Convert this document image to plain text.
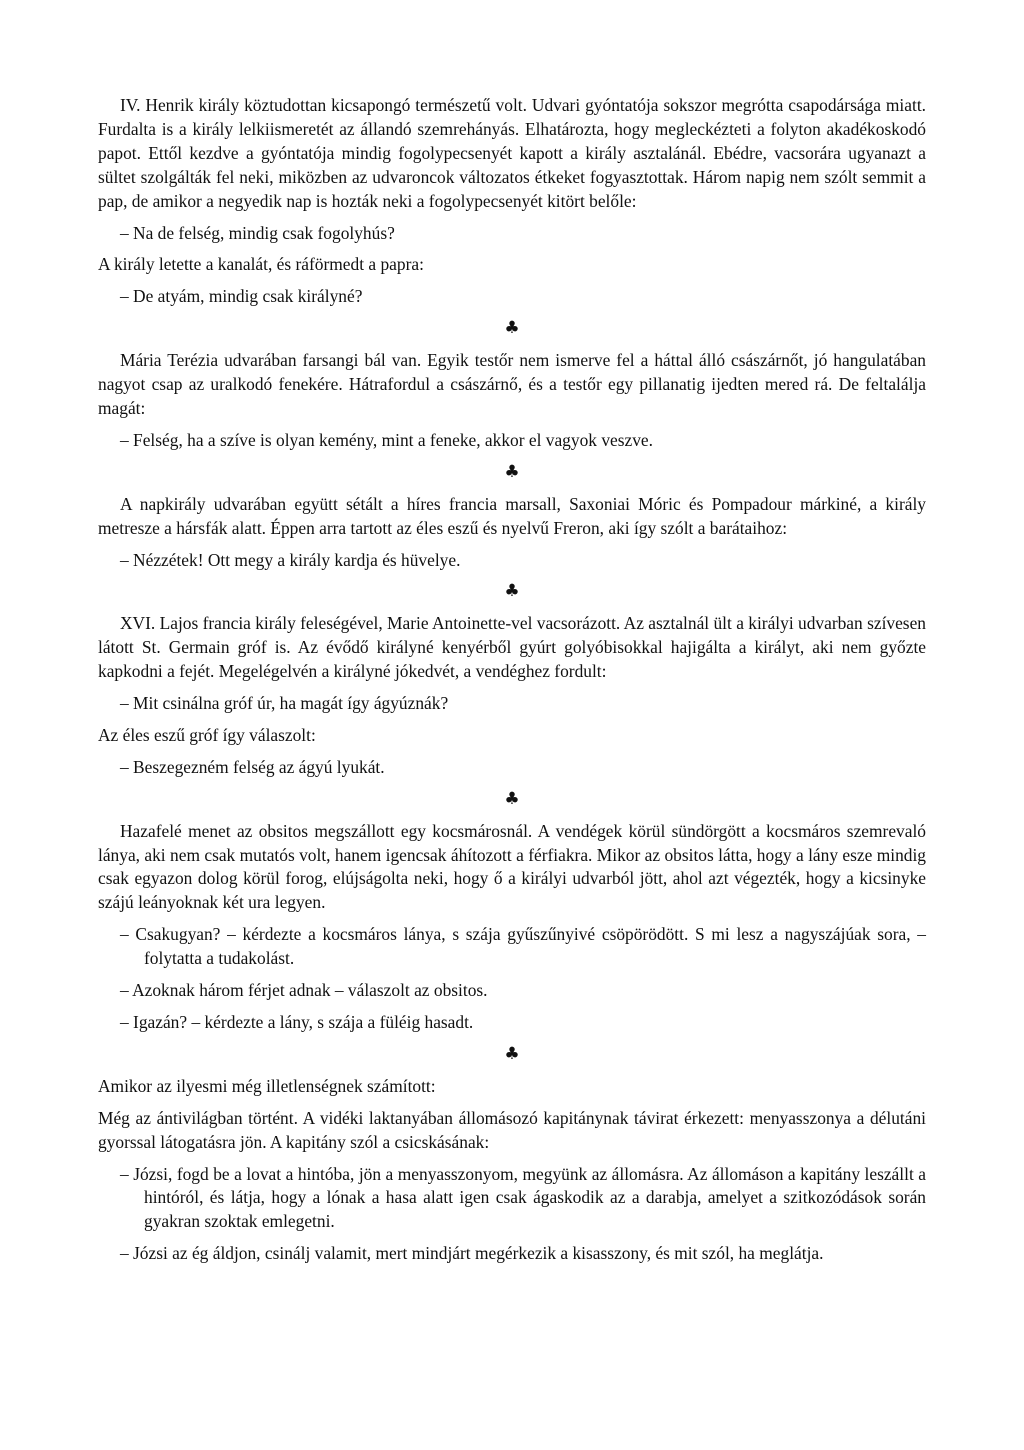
IV. Henrik király köztudottan kicsapongó természetű volt. Udvari gyóntatója sokszor megrótta csapodársága miatt. Furdalta is a király lelkiismeretét az állandó szemrehányás. Elhatározta, hogy megleckézteti a folyton akadékoskodó papot. Ettől kezdve a gyóntatója mindig fogolypecsenyét kapott a király asztalánál. Ebédre, vacsorára ugyanazt a sültet szolgálták fel neki, miközben az udvaroncok változatos étkeket fogyasztottak. Három napig nem szólt semmit a pap, de amikor a negyedik nap is hozták neki a fogolypecsenyét kitört belőle:

– Na de felség, mindig csak fogolyhús?

A király letette a kanalát, és ráförmedt a papra:

– De atyám, mindig csak királyné?

♣

Mária Terézia udvarában farsangi bál van. Egyik testőr nem ismerve fel a háttal álló császárnőt, jó hangulatában nagyot csap az uralkodó fenekére. Hátrafordul a császárnő, és a testőr egy pillanatig ijedten mered rá. De feltalálja magát:

– Felség, ha a szíve is olyan kemény, mint a feneke, akkor el vagyok veszve.

♣

A napkirály udvarában együtt sétált a híres francia marsall, Saxoniai Móric és Pompadour márkiné, a király metresze a hársfák alatt. Éppen arra tartott az éles eszű és nyelvű Freron, aki így szólt a barátaihoz:

– Nézzétek! Ott megy a király kardja és hüvelye.

♣

XVI. Lajos francia király feleségével, Marie Antoinette-vel vacsorázott. Az asztalnál ült a királyi udvarban szívesen látott St. Germain gróf is. Az évődő királyné kenyérből gyúrt golyóbisokkal hajigálta a királyt, aki nem győzte kapkodni a fejét. Megelégelvén a királyné jókedvét, a vendéghez fordult:

– Mit csinálna gróf úr, ha magát így ágyúznák?

Az éles eszű gróf így válaszolt:

– Beszegezném felség az ágyú lyukát.

♣

Hazafelé menet az obsitos megszállott egy kocsmárosnál. A vendégek körül sündörgött a kocsmáros szemrevaló lánya, aki nem csak mutatós volt, hanem igencsak áhítozott a férfiakra. Mikor az obsitos látta, hogy a lány esze mindig csak egyazon dolog körül forog, elújságolta neki, hogy ő a királyi udvarból jött, ahol azt végezték, hogy a kicsinyke szájú leányoknak két ura legyen.

– Csakugyan? – kérdezte a kocsmáros lánya, s szája gyűszűnyivé csöpörödött. S mi lesz a nagyszájúak sora, – folytatta a tudakolást.

– Azoknak három férjet adnak – válaszolt az obsitos.

– Igazán? – kérdezte a lány, s szája a füléig hasadt.

♣

Amikor az ilyesmi még illetlenségnek számított:

Még az ántivilágban történt. A vidéki laktanyában állomásozó kapitánynak távirat érkezett: menyasszonya a délutáni gyorssal látogatásra jön. A kapitány szól a csicskásának:

– Józsi, fogd be a lovat a hintóba, jön a menyasszonyom, megyünk az állomásra. Az állomáson a kapitány leszállt a hintóról, és látja, hogy a lónak a hasa alatt igen csak ágaskodik az a darabja, amelyet a szitkozódások során gyakran szoktak emlegetni.

– Józsi az ég áldjon, csinálj valamit, mert mindjárt megérkezik a kisasszony, és mit szól, ha meglátja.
